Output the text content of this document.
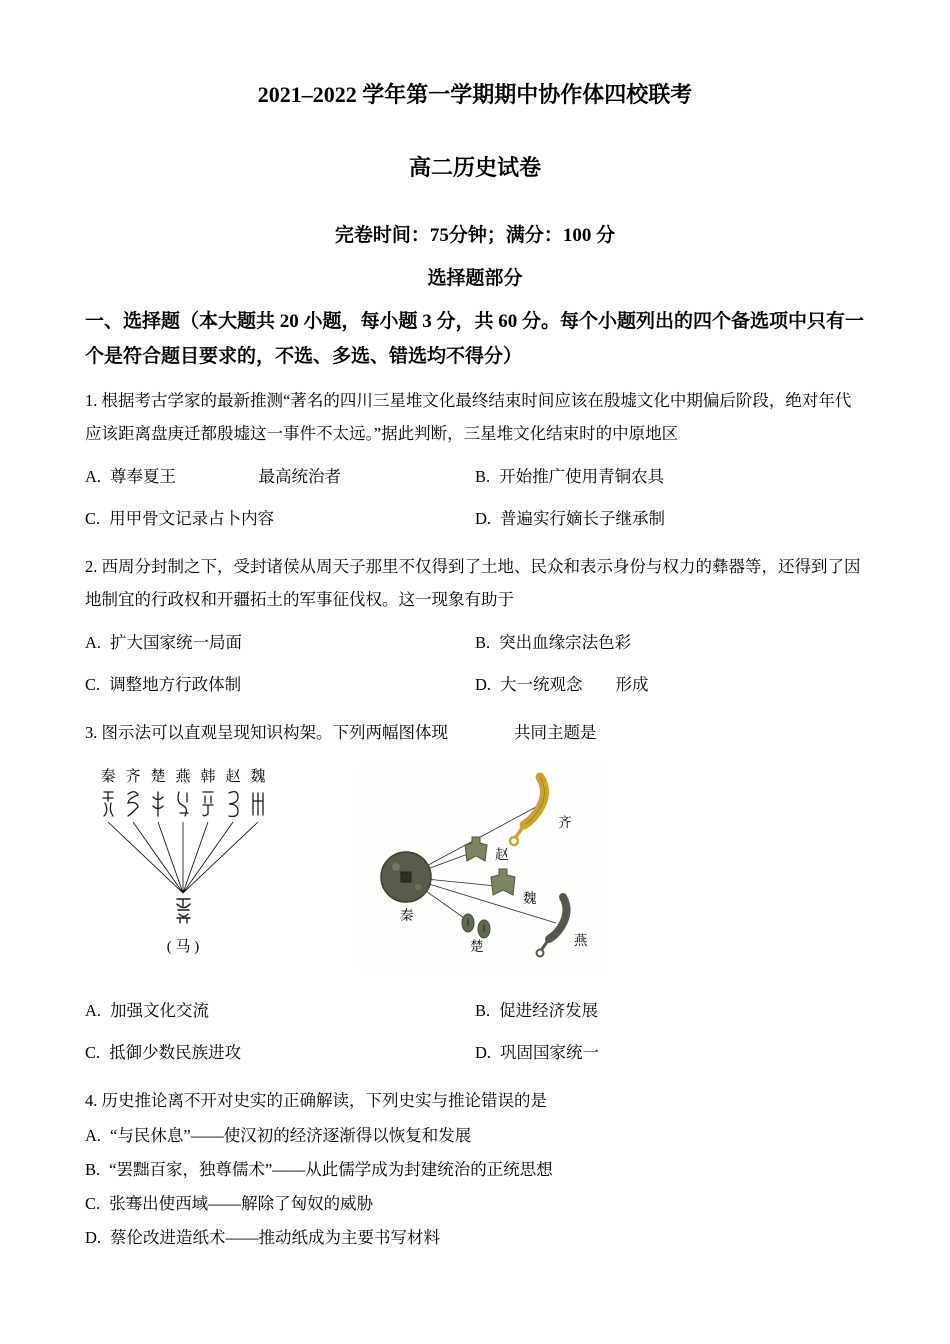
2021–2022 学年第一学期期中协作体四校联考
高二历史试卷
完卷时间：75分钟；满分：100 分
选择题部分
一、选择题（本大题共 20 小题，每小题 3 分，共 60 分。每个小题列出的四个备选项中只有一个是符合题目要求的，不选、多选、错选均不得分）
1. 根据考古学家的最新推测“著名的四川三星堆文化最终结束时间应该在殷墟文化中期偏后阶段，绝对年代应该距离盘庚迁都殷墟这一事件不太远。”据此判断，三星堆文化结束时的中原地区
A. 尊奉夏王　　　　　最高统治者	B. 开始推广使用青铜农具
C. 用甲骨文记录占卜内容	D. 普遍实行嫡长子继承制
2. 西周分封制之下，受封诸侯从周天子那里不仅得到了土地、民众和表示身份与权力的彝器等，还得到了因地制宜的行政权和开疆拓土的军事征伐权。这一现象有助于
A. 扩大国家统一局面	B. 突出血缘宗法色彩
C. 调整地方行政体制	D. 大一统观念　　形成
3. 图示法可以直观呈现知识构架。下列两幅图体现　　　　共同主题是
秦 齐 楚 燕 韩 赵 魏
( 马 )
齐
赵
魏
秦
楚	燕
A. 加强文化交流	B. 促进经济发展
C. 抵御少数民族进攻	D. 巩固国家统一
4. 历史推论离不开对史实的正确解读，下列史实与推论错误的是
A. “与民休息”——使汉初的经济逐渐得以恢复和发展
B. “罢黜百家，独尊儒术”——从此儒学成为封建统治的正统思想
C. 张骞出使西域——解除了匈奴的威胁
D. 蔡伦改进造纸术——推动纸成为主要书写材料
